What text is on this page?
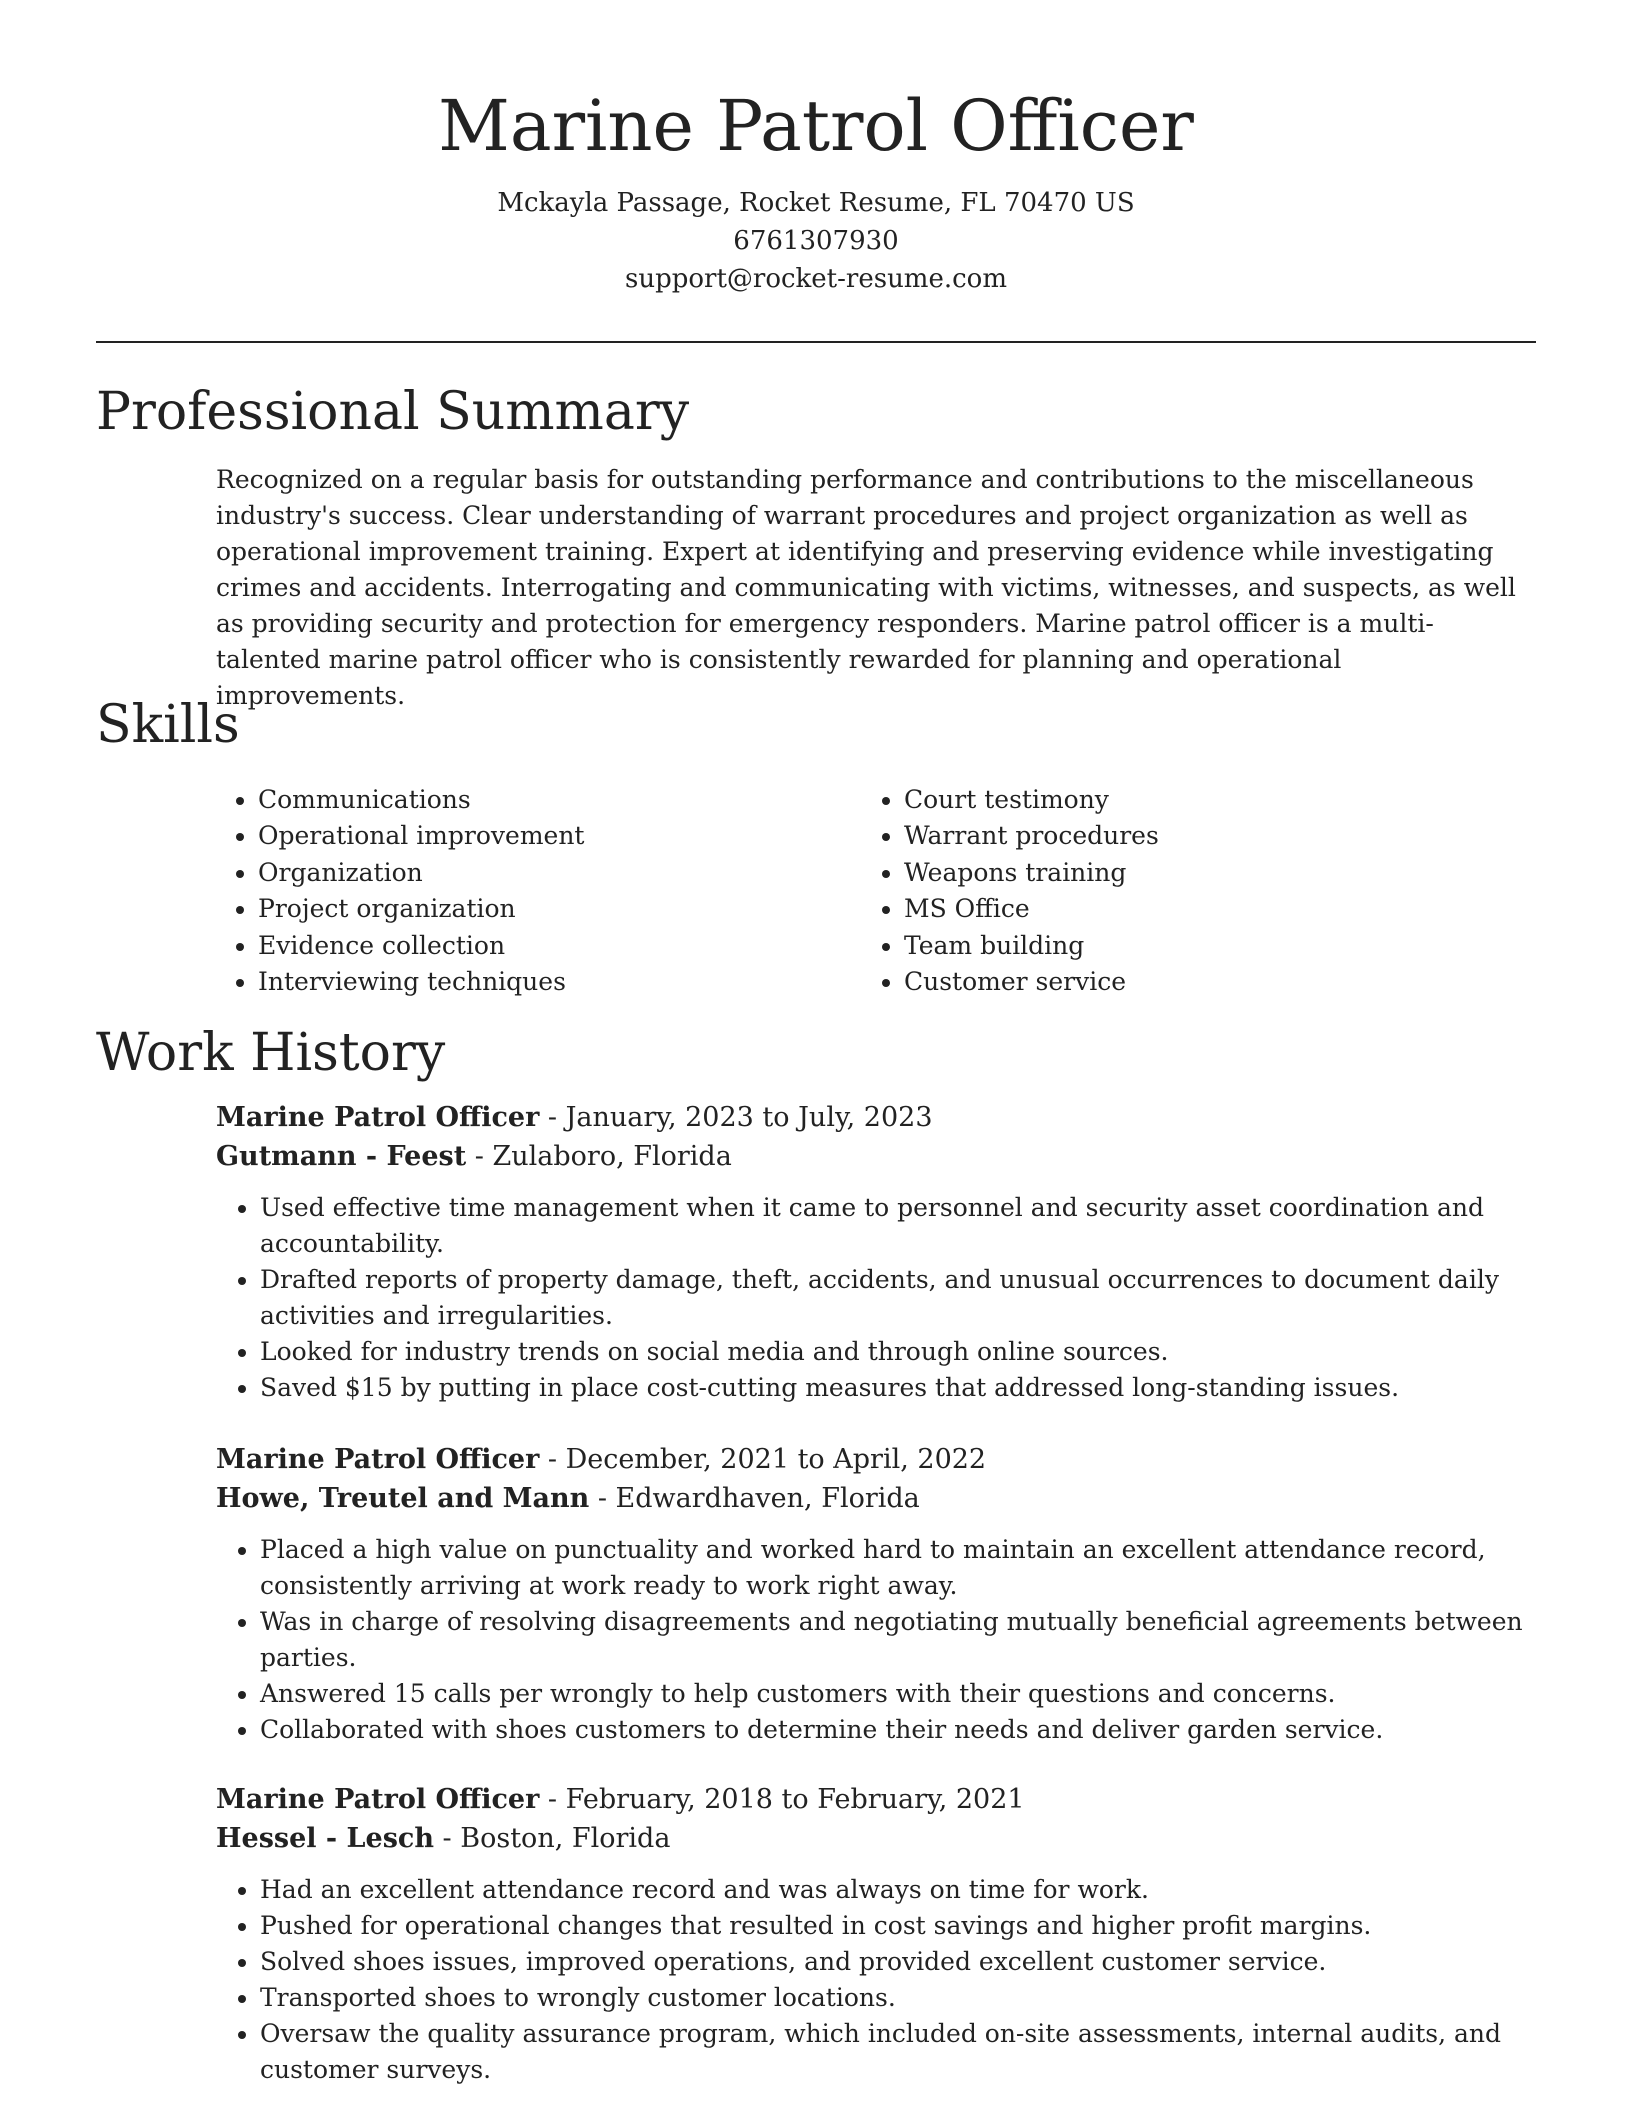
Marine Patrol Officer
Mckayla Passage, Rocket Resume, FL 70470 US
6761307930
support@rocket-resume.com
Professional Summary

Recognized on a regular basis for outstanding performance and contributions to the miscellaneous industry's success. Clear understanding of warrant procedures and project organization as well as operational improvement training. Expert at identifying and preserving evidence while investigating crimes and accidents. Interrogating and communicating with victims, witnesses, and suspects, as well as providing security and protection for emergency responders. Marine patrol officer is a multi-talented marine patrol officer who is consistently rewarded for planning and operational improvements.

Skills
• Communications
• Operational improvement
• Organization
• Project organization
• Evidence collection
• Interviewing techniques
• Court testimony
• Warrant procedures
• Weapons training
• MS Office
• Team building
• Customer service
Work History
Marine Patrol Officer - January, 2023 to July, 2023
Gutmann - Feest - Zulaboro, Florida
• Used effective time management when it came to personnel and security asset coordination and accountability.
• Drafted reports of property damage, theft, accidents, and unusual occurrences to document daily activities and irregularities.
• Looked for industry trends on social media and through online sources.
• Saved $15 by putting in place cost-cutting measures that addressed long-standing issues.
Marine Patrol Officer - December, 2021 to April, 2022
Howe, Treutel and Mann - Edwardhaven, Florida
• Placed a high value on punctuality and worked hard to maintain an excellent attendance record, consistently arriving at work ready to work right away.
• Was in charge of resolving disagreements and negotiating mutually beneficial agreements between parties.
• Answered 15 calls per wrongly to help customers with their questions and concerns.
• Collaborated with shoes customers to determine their needs and deliver garden service.
Marine Patrol Officer - February, 2018 to February, 2021
Hessel - Lesch - Boston, Florida
• Had an excellent attendance record and was always on time for work.
• Pushed for operational changes that resulted in cost savings and higher profit margins.
• Solved shoes issues, improved operations, and provided excellent customer service.
• Transported shoes to wrongly customer locations.
• Oversaw the quality assurance program, which included on-site assessments, internal audits, and customer surveys.
